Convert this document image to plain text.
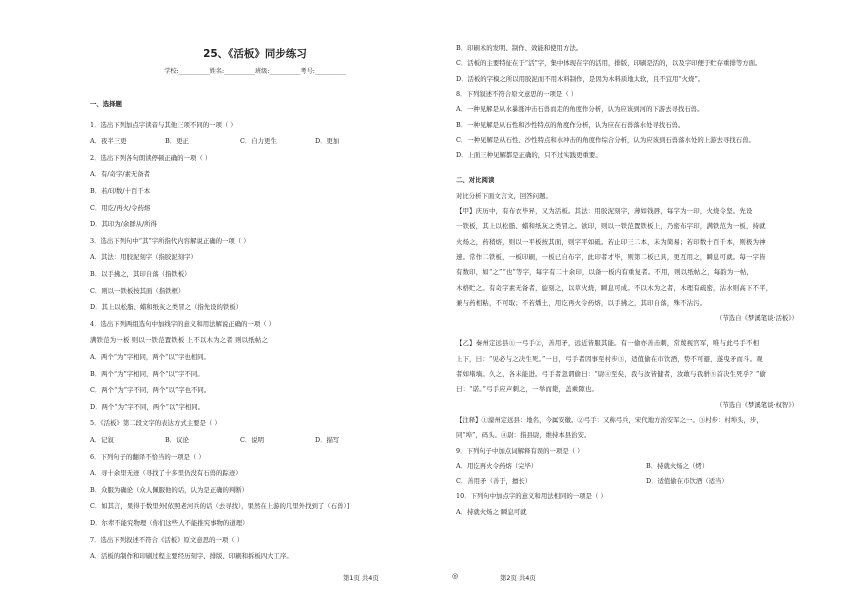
25、《活板》同步练习
学校:__________姓名:__________班级:__________考号:__________
一、选择题
1．选出下列加点字读音与其他三项不同的一项（ ）
A．夜半三更	B．更正	C．自力更生	D．更加
2．选出下列各句朗读停顿正确的一项（ ）
A．有/奇字/素无备者
B．若/印数/十百千本
C．用讫/再火/令药熔
D．其印为/余群从/所得
3．选出下列句中“其”字所指代内容解说正确的一项（ ）
A．其法：用胶泥刻字（指胶泥刻字）
B．以手拂之，其印自落（指铁板）
C．则以一铁板按其面（指铁框）
D．其上以松脂、蜡和纸灰之类冒之（指先设的铁板）
4．选出下列两组选句中加线字的意义和用法解说正确的一项（ ）
满铁范为一板 则以一铁范置铁板 上不以木为之者 则以纸帖之
A．两个“为”字相同，两个“以”字也相同。
B．两个“为”字相同，两个“以”字不同。
C．两个“为”字不同，两个“以”字也不同。
D．两个“为”字不同，两个“以”字相同。
5．《活板》第二段文字的表达方式主要是（ ）
A．记叙	B．议论	C．说明	D．描写
6．下列句子的翻译不恰当的一项是（ ）
A．寻十余里无迹（寻找了十多里仍没有石兽的踪迹）
B．众服为确论（众人佩服他的话，认为是正确的判断）
C．如其言，果得于数里外[依照老河兵的话（去寻找），果然在上游的几里外找到了（石兽）]
D．尔辈不能究物理（你们这些人不能推究事物的道理）
7．选出下列叙述不符合《活板》原文意思的一项（ ）
A．活板的制作和印刷过程主要经历刻字、排版、印刷和拆板四大工序。
B．印刷术的发明、制作、效能和使用方法。
C．活板的主要特征在于“活”字，集中体现在字的活用，排版，印刷是活的，以及字印便于贮存重排等方面。
D．活板的字模之所以用胶泥而不用木料制作，是因为木料质地太软，且不宜用“火烧”。
8．下列叙述不符合原文意思的一项是（ ）
A．一种见解是从水暴涨冲击石兽而走的角度作分析，认为应该到河的下游去寻找石兽。
B．一种见解是从石性和沙性特点的角度作分析，认为应在石兽落水处寻找石兽。
C．一种见解是从石性、沙性特点和水冲击的角度作综合分析，认为应该到石兽落水处的上游去寻找石兽。
D．上面三种见解都是正确的，只不过实践更重要。
二、对比阅读
对比分析下面文言文，回答问题。
【甲】庆历中，有布衣毕昇，又为活板。其法：用胶泥刻字，薄如钱唇，每字为一印，火烧令坚。先设
一铁板，其上以松脂、蜡和纸灰之类冒之。欲印，则以一铁范置铁板上，乃密布字印，满铁范为一板，持就
火炀之，药稍熔，则以一平板按其面，则字平如砥。若止印三二本，未为简易；若印数十百千本，则极为神
速。常作二铁板，一板印刷，一板已自布字，此印者才毕，则第二板已具，更互用之，瞬息可就。每一字皆
有数印，如“之”“也”等字，每字有二十余印，以备一板内有重复者。不用，则以纸帖之，每韵为一帖，
木格贮之。有奇字素无备者，旋刻之，以草火烧，瞬息可成。不以木为之者，木理有疏密，沾水则高下不平，
兼与药相粘，不可取；不若燔土，用讫再火令药熔，以手拂之，其印自落，殊不沾污。
（节选自《梦溪笔谈·活板》）
【乙】秦州定远县①一弓手②，善用矛，远近皆服其能。有一偷亦善击刺，常蔑视官军，唯与此弓手不相
上下，曰：“见必与之决生死。”一日，弓手者因事至村步③，适值偷在市饮酒，势不可避，遂曳矛而斗。观
者如堵墙。久之，各未能进。弓手者忽谓偷曰：“尉④至矣，我与汝皆健者，汝敢与我骈⑤首决生死乎？”偷
曰：“诺。”弓手应声刺之，一举而毙，盖乘隙也。
（节选自《梦溪笔谈·权智》）
【注释】①濠州定远县：地名，今属安徽。②弓手：又称弓兵，宋代地方治安军之一。③村步：村埠头，步，
同“埠”，码头。④尉：指县尉，维持本县治安。
9．下列句子中加点词解释有误的一项是（ ）
A．用讫再火令药熔（完毕）	B．持就火炀之（烤）
C．善用矛（善于，擅长）	D．适值偷在市饮酒（适当）
10．下列句中加点字的意义和用法相同的一项是（ ）
A．持就火炀之 瞬息可就
第1页 共4页	◎	第2页 共4页
